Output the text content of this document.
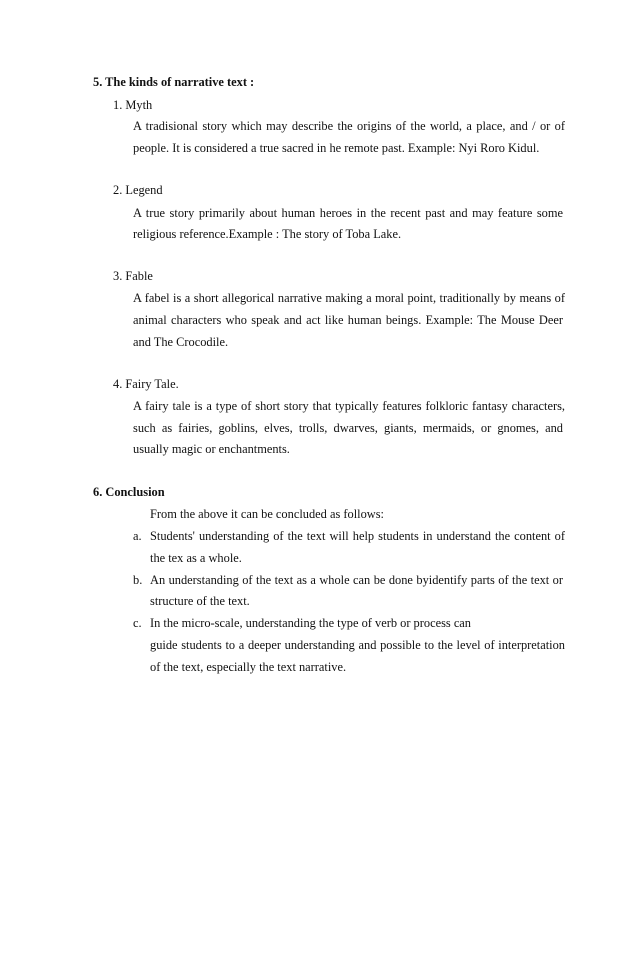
5. The kinds of narrative text :
1. Myth
A tradisional story which may describe the origins of the world, a place, and / or of
people. It is considered a true sacred in he remote past. Example: Nyi Roro Kidul.
2. Legend
A true story primarily about human heroes in the recent past and may feature some
religious reference.Example : The story of Toba Lake.
3. Fable
A fabel is a short allegorical narrative making a moral point, traditionally by means of
animal characters who speak and act like human beings. Example: The Mouse Deer
and The Crocodile.
4. Fairy Tale.
A fairy tale is a type of short story that typically features folkloric fantasy characters,
such as fairies, goblins, elves, trolls, dwarves, giants, mermaids, or gnomes, and
usually magic or enchantments.
6. Conclusion
From the above it can be concluded as follows:
a. Students' understanding of the text will help students in understand the content of
the tex as a whole.
b. An understanding of the text as a whole can be done byidentify parts of the text or
structure of the text.
c. In the micro-scale, understanding the type of verb or process can
guide students to a deeper understanding and possible to the level of interpretation
of the text, especially the text narrative.
